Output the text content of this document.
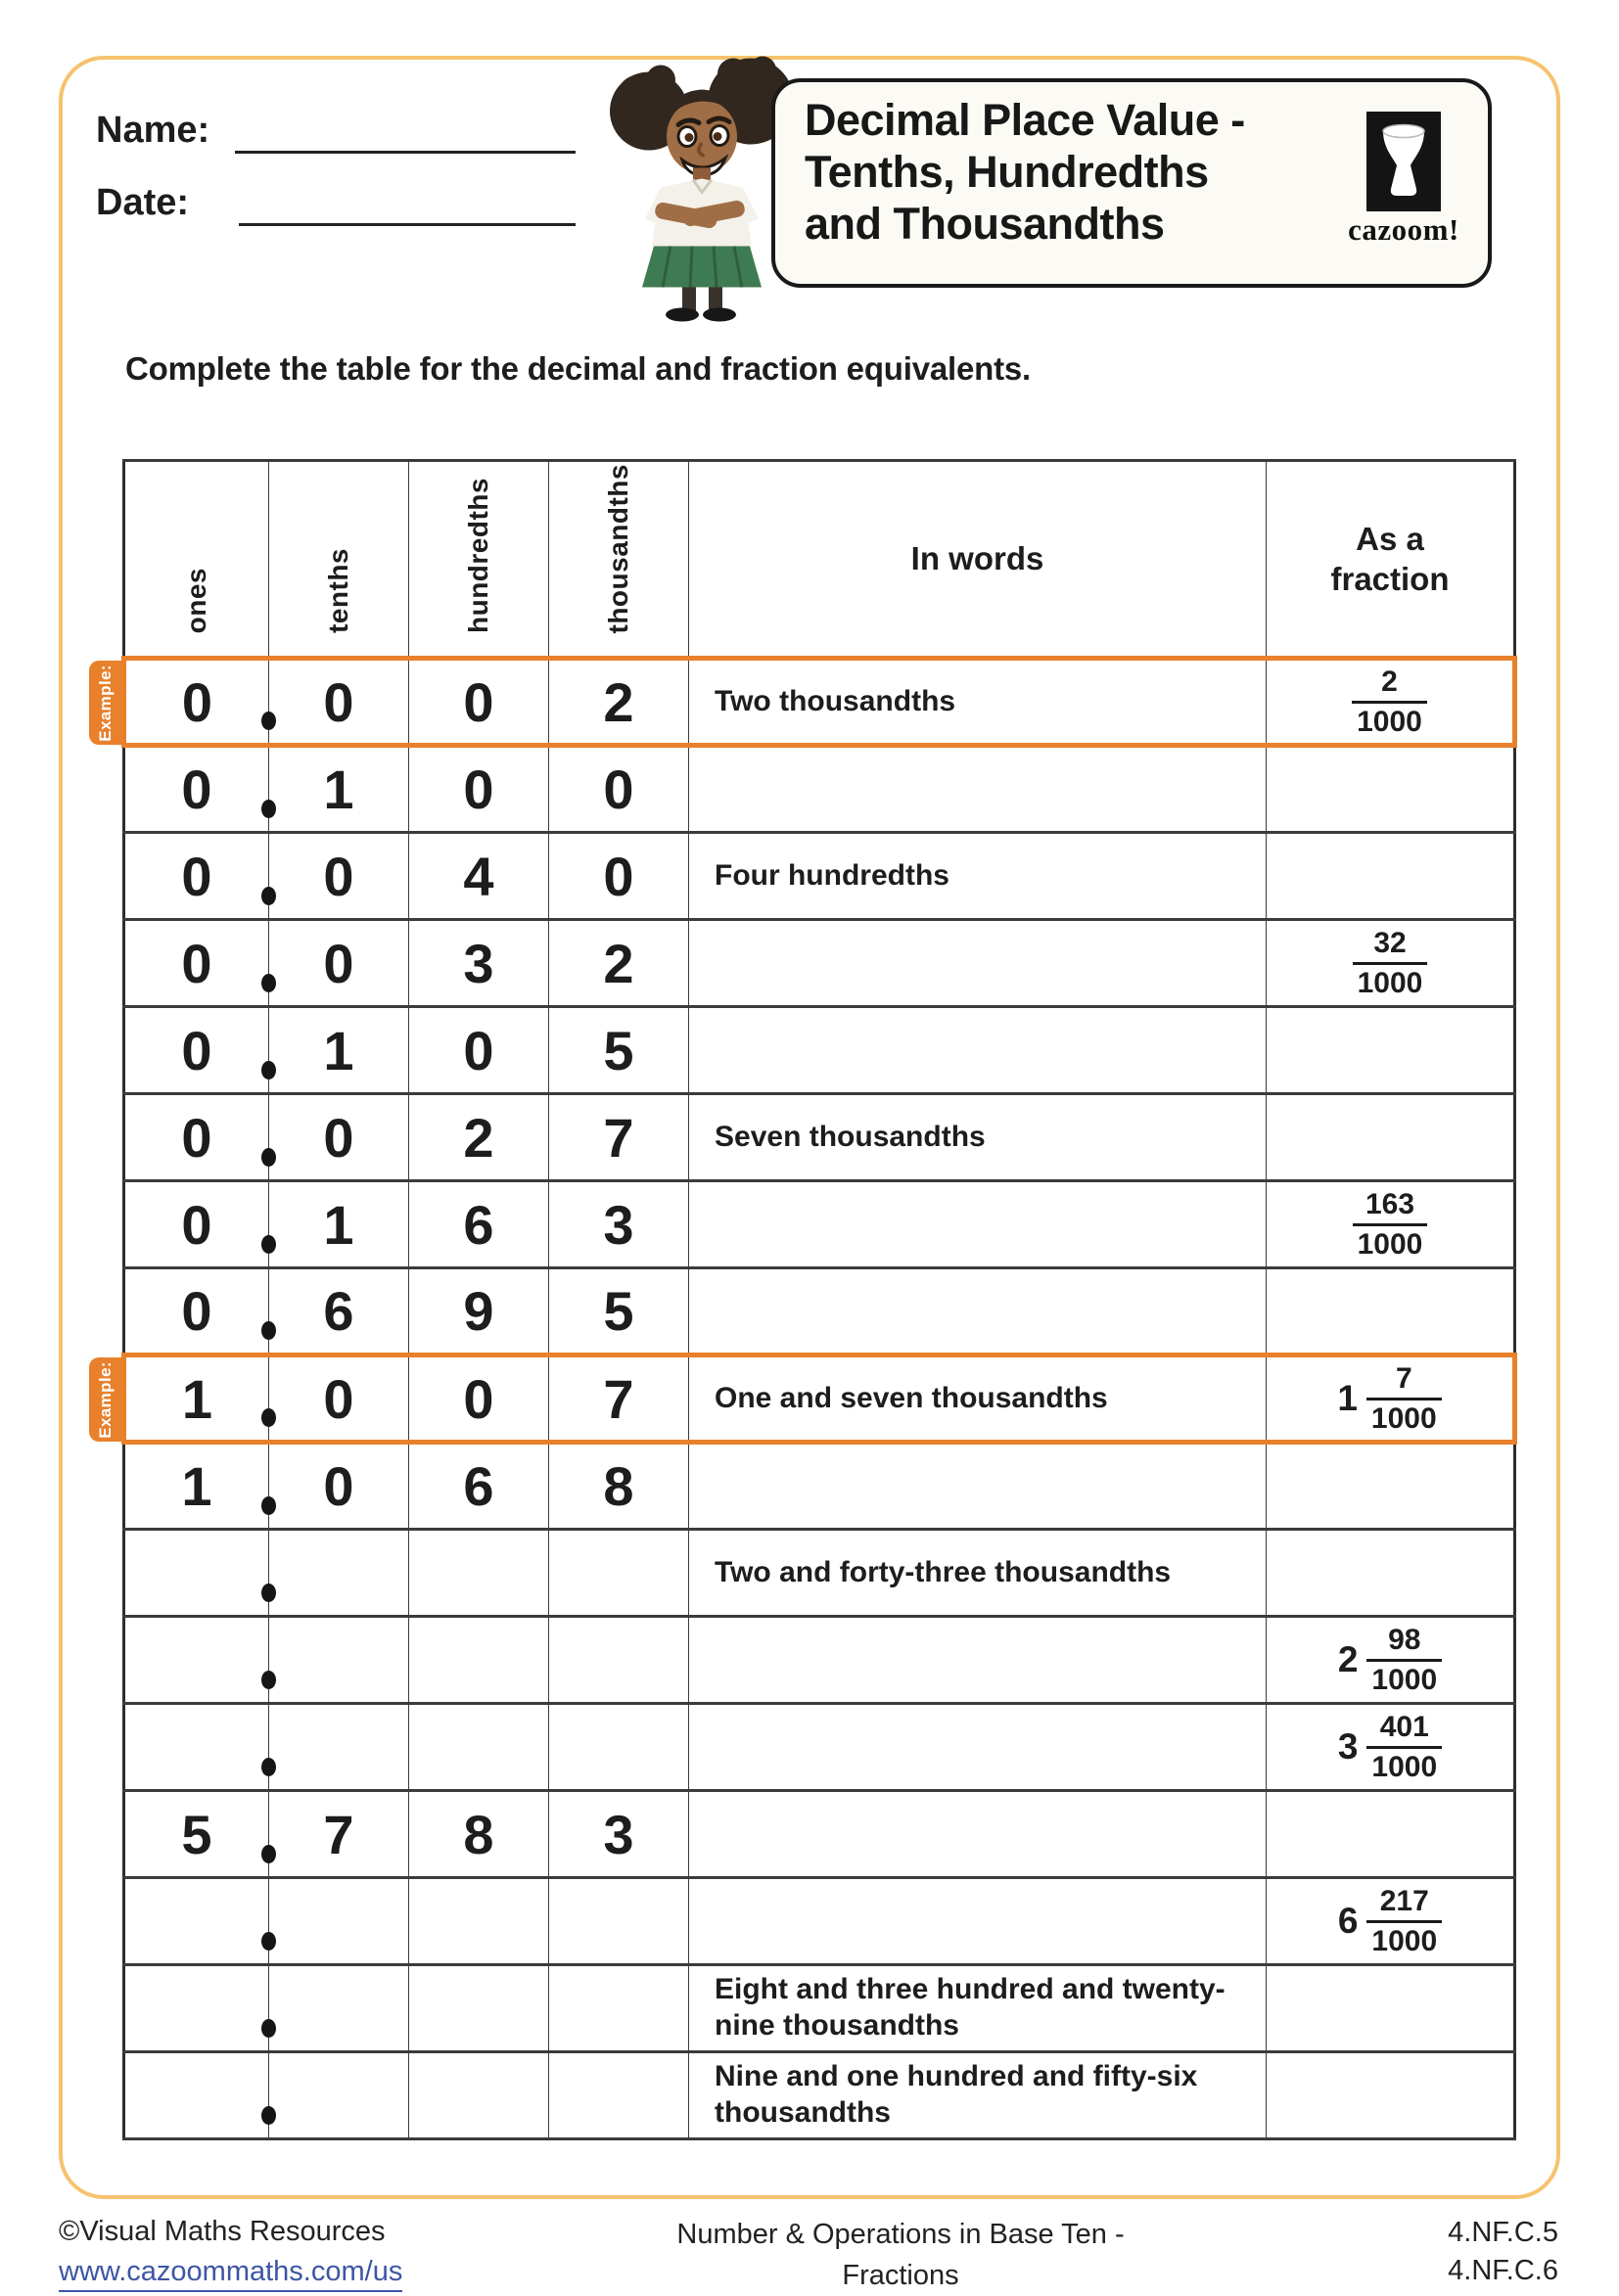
Name:
Date:
Decimal Place Value -
Tenths, Hundredths
and Thousandths	cazoom!
Complete the table for the decimal and fraction equivalents.
Example:
Example:
ones	tenths	hundredths	thousandths	In words	As a fraction
0	0	0	2	Two thousandths	$\frac{2}{1000}$

0	1	0	0		
0	0	4	0	Four hundredths	
0	0	3	2		$\frac{32}{1000}$

0	1	0	5		
0	0	2	7	Seven thousandths	
0	1	6	3		$\frac{163}{1000}$

0	6	9	5		
1	0	0	7	One and seven thousandths	$1 \frac{7}{1000}$

1	0	6	8		

				Two and forty-three thousandths	

					$2 \frac{98}{1000}$

					$3 \frac{401}{1000}$

5	7	8	3		

					$6 \frac{217}{1000}$

				Eight and three hundred and twenty-nine thousandths	

				Nine and one hundred and fifty-six thousandths	
©Visual Maths Resources
www.cazoommaths.com/us
Number & Operations in Base Ten -
Fractions
4.NF.C.5
4.NF.C.6
